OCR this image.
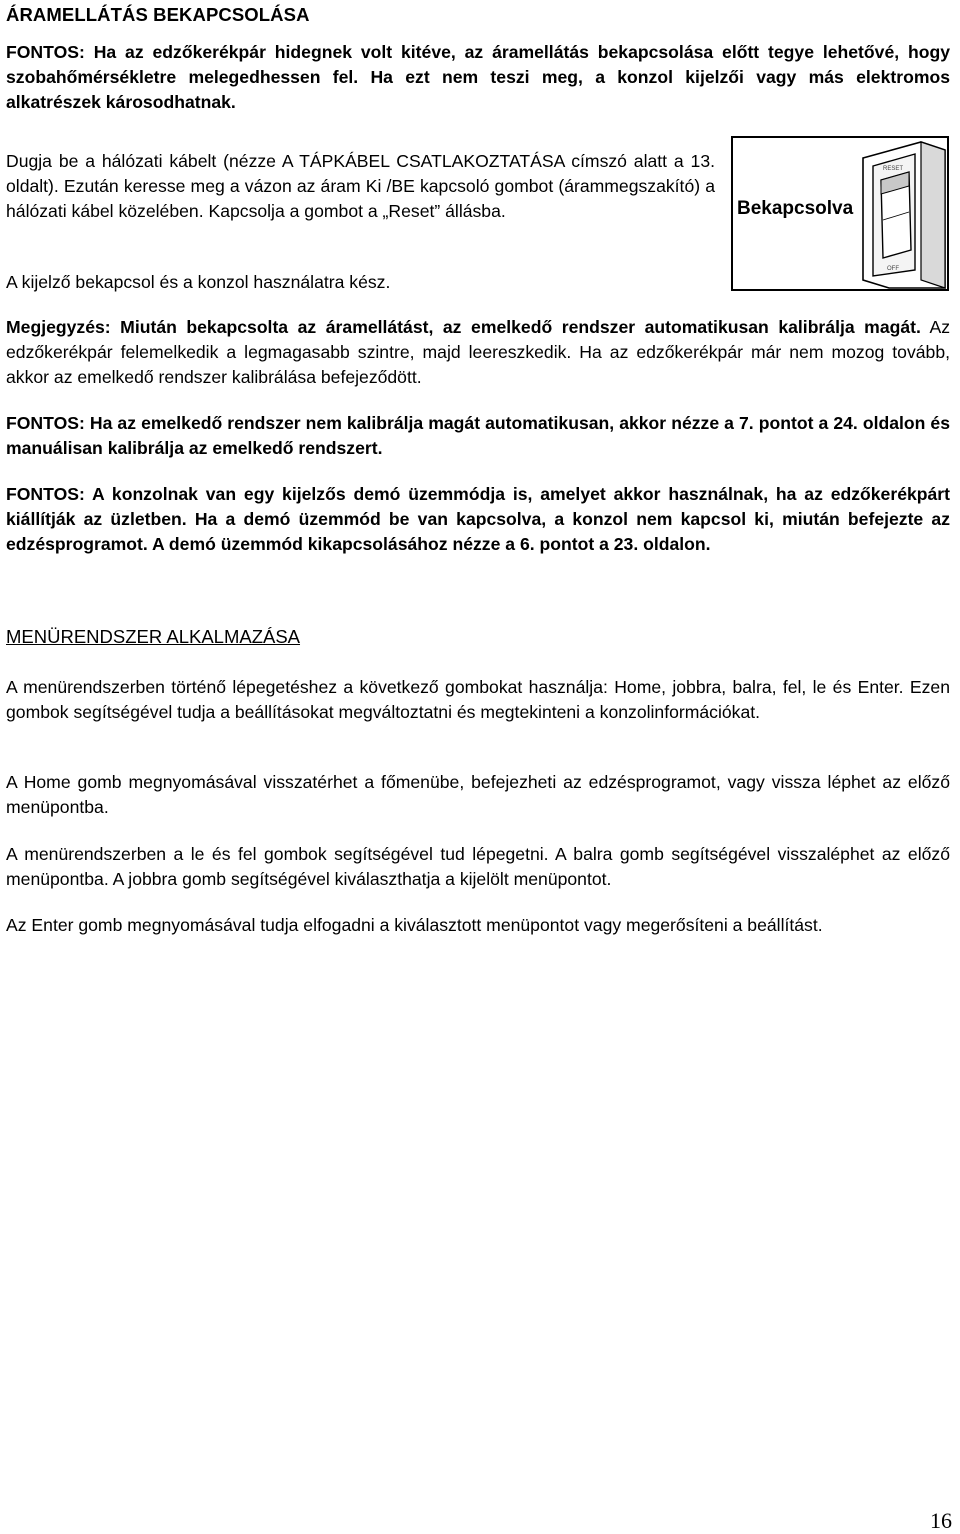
ÁRAMELLÁTÁS BEKAPCSOLÁSA

FONTOS: Ha az edzőkerékpár hidegnek volt kitéve, az áramellátás bekapcsolása előtt tegye lehetővé, hogy szobahőmérsékletre melegedhessen fel. Ha ezt nem teszi meg, a konzol kijelzői vagy más elektromos alkatrészek károsodhatnak.

Dugja be a hálózati kábelt (nézze A TÁPKÁBEL CSATLAKOZTATÁSA címszó alatt a 13. oldalt). Ezután keresse meg a vázon az áram Ki /BE kapcsoló gombot (árammegszakító) a hálózati kábel közelében. Kapcsolja a gombot a „Reset” állásba.

A kijelző bekapcsol és a konzol használatra kész.

Megjegyzés: Miután bekapcsolta az áramellátást, az emelkedő rendszer automatikusan kalibrálja magát. Az edzőkerékpár felemelkedik a legmagasabb szintre, majd leereszkedik. Ha az edzőkerékpár már nem mozog tovább, akkor az emelkedő rendszer kalibrálása befejeződött.

FONTOS: Ha az emelkedő rendszer nem kalibrálja magát automatikusan, akkor nézze a 7. pontot a 24. oldalon és manuálisan kalibrálja az emelkedő rendszert.

FONTOS: A konzolnak van egy kijelzős demó üzemmódja is, amelyet akkor használnak, ha az edzőkerékpárt kiállítják az üzletben. Ha a demó üzemmód be van kapcsolva, a konzol nem kapcsol ki, miután befejezte az edzésprogramot. A demó üzemmód kikapcsolásához nézze a 6. pontot a 23. oldalon.

MENÜRENDSZER ALKALMAZÁSA

A menürendszerben történő lépegetéshez a következő gombokat használja: Home, jobbra, balra, fel, le és Enter. Ezen gombok segítségével tudja a beállításokat megváltoztatni és megtekinteni a konzolinformációkat.

A Home gomb megnyomásával visszatérhet a főmenübe, befejezheti az edzésprogramot, vagy vissza léphet az előző menüpontba.

A menürendszerben a le és fel gombok segítségével tud lépegetni. A balra gomb segítségével visszaléphet az előző menüpontba. A jobbra gomb segítségével kiválaszthatja a kijelölt menüpontot.

Az Enter gomb megnyomásával tudja elfogadni a kiválasztott menüpontot vagy megerősíteni a beállítást.

Bekapcsolva
RESET
OFF

16
